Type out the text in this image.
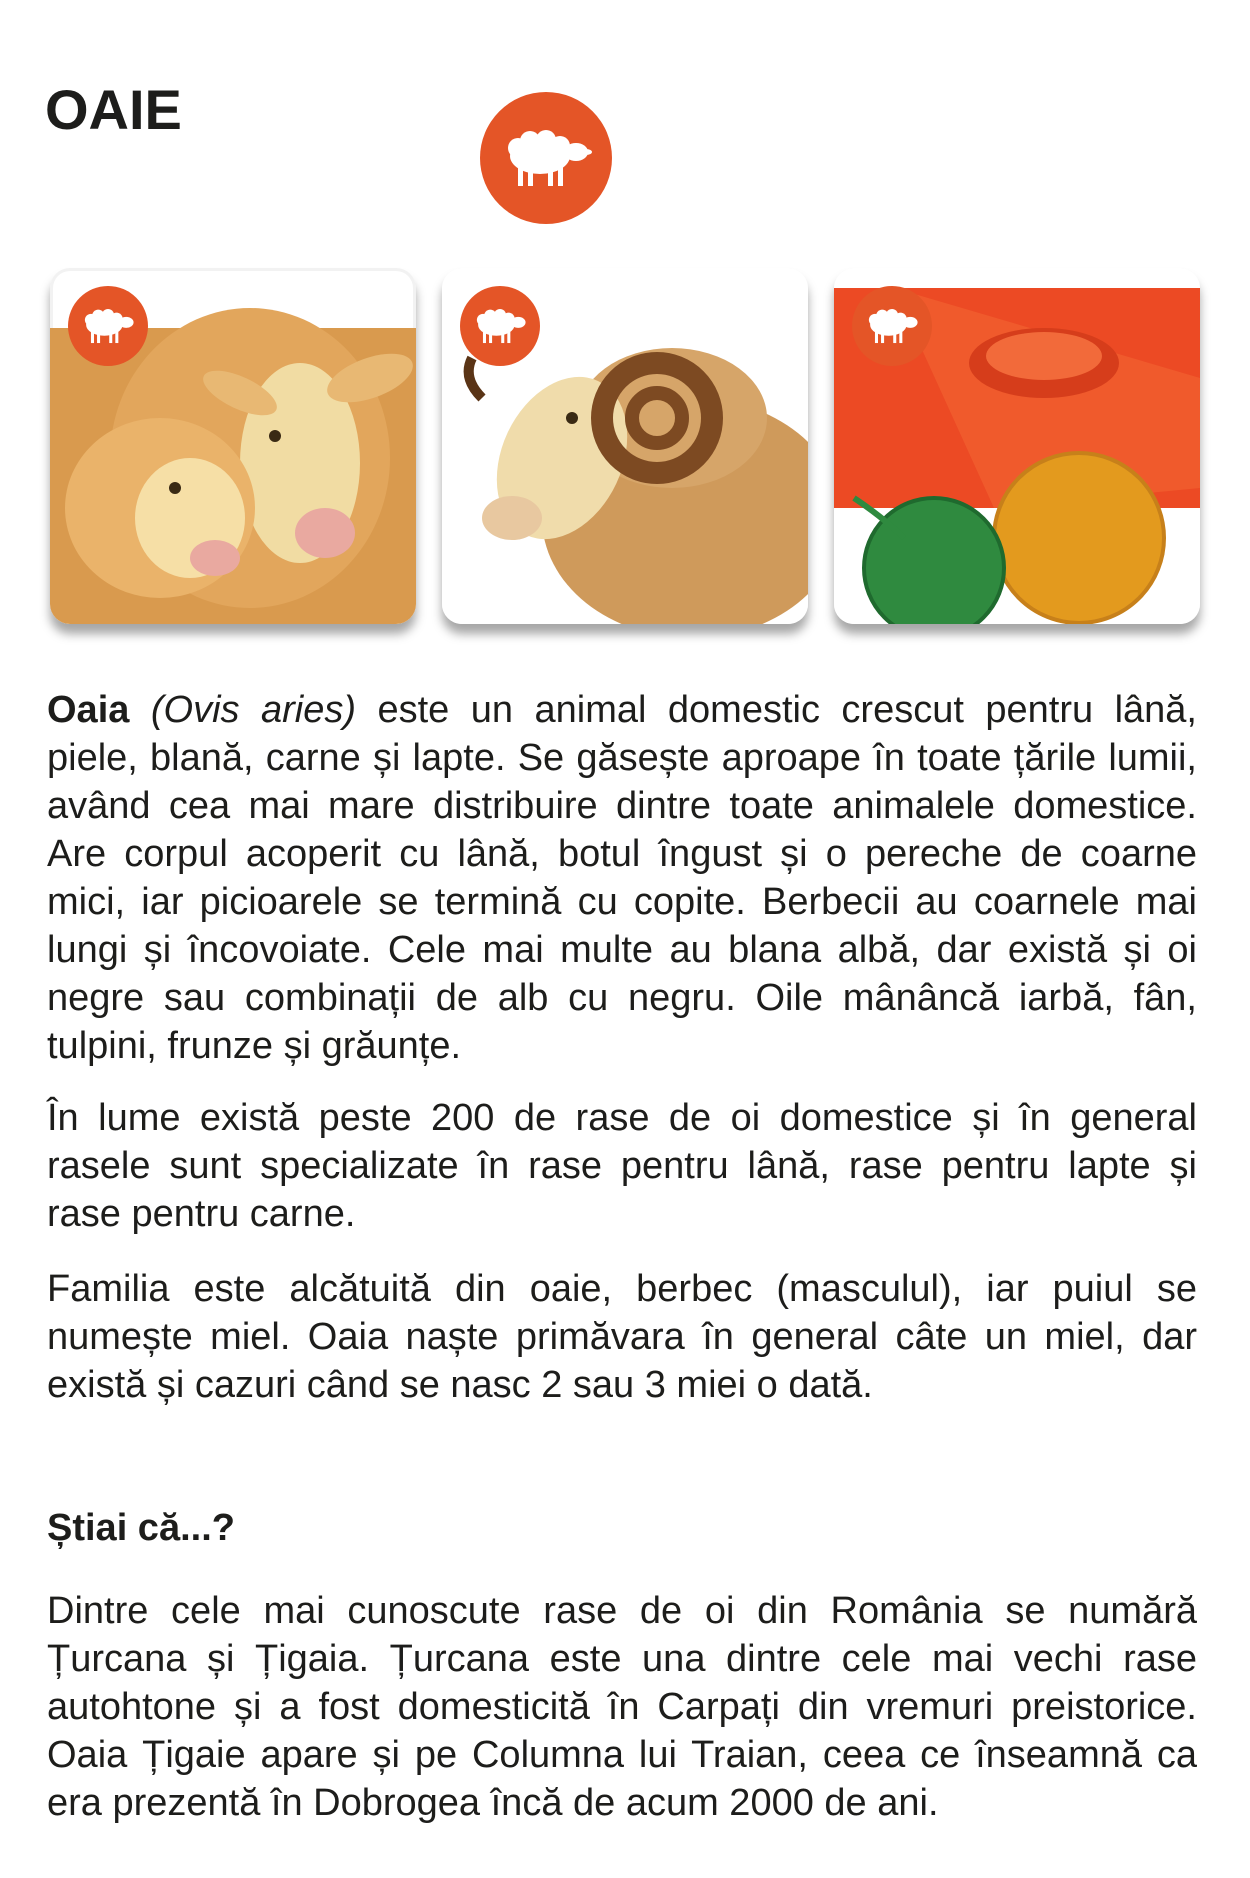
OAIE

Oaia (Ovis aries) este un animal domestic crescut pentru lână, piele, blană, carne și lapte. Se găsește aproape în toate țările lumii, având cea mai mare distribuire dintre toate animalele domestice. Are corpul acoperit cu lână, botul îngust și o pereche de coarne mici, iar picioarele se termină cu copite. Berbecii au coarnele mai lungi și încovoiate. Cele mai multe au blana albă, dar există și oi negre sau combinații de alb cu negru. Oile mânâncă iarbă, fân, tulpini, frunze și grăunțe.

În lume există peste 200 de rase de oi domestice și în general rasele sunt specializate în rase pentru lână, rase pentru lapte și rase pentru carne.

Familia este alcătuită din oaie, berbec (masculul), iar puiul se numește miel. Oaia naște primăvara în general câte un miel, dar există și cazuri când se nasc 2 sau 3 miei o dată.

Știai că...?

Dintre cele mai cunoscute rase de oi din România se numără Țurcana și Țigaia. Țurcana este una dintre cele mai vechi rase autohtone și a fost domesticită în Carpați din vremuri preistorice. Oaia Țigaie apare și pe Columna lui Traian, ceea ce înseamnă ca era prezentă în Dobrogea încă de acum 2000 de ani.
